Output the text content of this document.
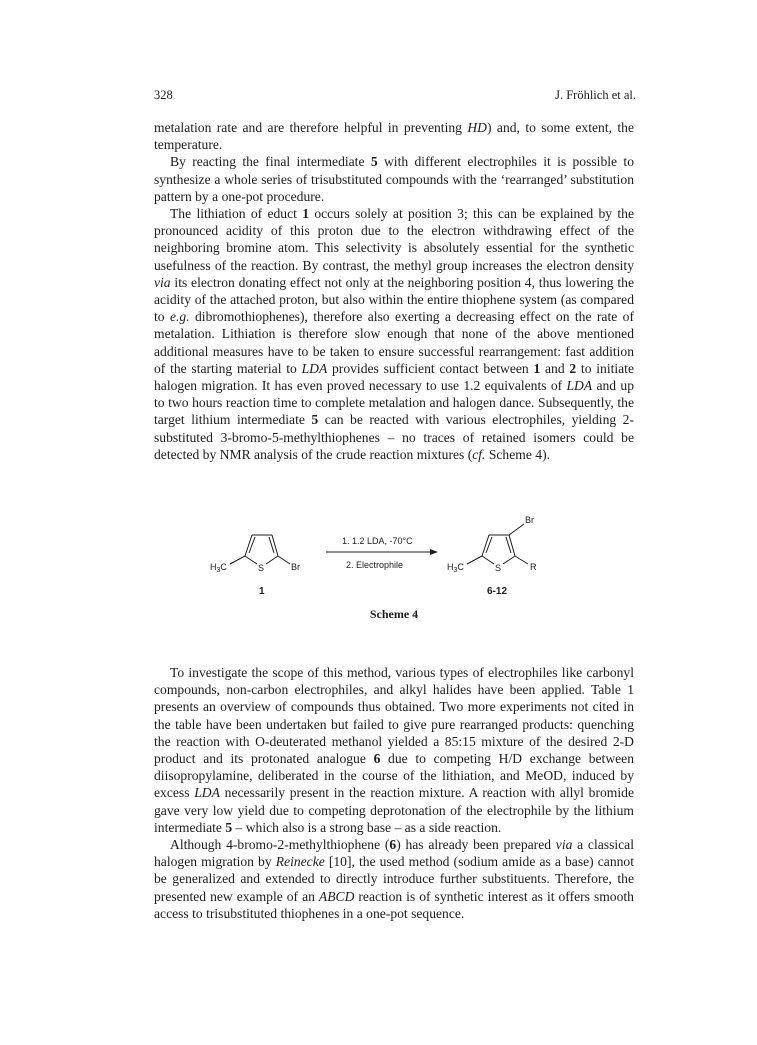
328	J. Fröhlich et al.

metalation rate and are therefore helpful in preventing HD) and, to some extent, the temperature.

By reacting the final intermediate 5 with different electrophiles it is possible to synthesize a whole series of trisubstituted compounds with the ‘rearranged’ substitution pattern by a one-pot procedure.

The lithiation of educt 1 occurs solely at position 3; this can be explained by the pronounced acidity of this proton due to the electron withdrawing effect of the neighboring bromine atom. This selectivity is absolutely essential for the synthetic usefulness of the reaction. By contrast, the methyl group increases the electron density via its electron donating effect not only at the neighboring position 4, thus lowering the acidity of the attached proton, but also within the entire thiophene system (as compared to e.g. dibromothiophenes), therefore also exerting a decreasing effect on the rate of metalation. Lithiation is therefore slow enough that none of the above mentioned additional measures have to be taken to ensure successful rearrangement: fast addition of the starting material to LDA provides sufficient contact between 1 and 2 to initiate halogen migration. It has even proved necessary to use 1.2 equivalents of LDA and up to two hours reaction time to complete metalation and halogen dance. Subsequently, the target lithium intermediate 5 can be reacted with various electrophiles, yielding 2-substituted 3-bromo-5-methylthiophenes – no traces of retained isomers could be detected by NMR analysis of the crude reaction mixtures (cf. Scheme 4).

$H_3C$	S	Br
1
1. 1.2 LDA, -70°C
2. Electrophile	$H_3C$	S
Br
R
6-12
Scheme 4

To investigate the scope of this method, various types of electrophiles like carbonyl compounds, non-carbon electrophiles, and alkyl halides have been applied. Table 1 presents an overview of compounds thus obtained. Two more experiments not cited in the table have been undertaken but failed to give pure rearranged products: quenching the reaction with O-deuterated methanol yielded a 85:15 mixture of the desired 2-D product and its protonated analogue 6 due to competing H/D exchange between diisopropylamine, deliberated in the course of the lithiation, and MeOD, induced by excess LDA necessarily present in the reaction mixture. A reaction with allyl bromide gave very low yield due to competing deprotonation of the electrophile by the lithium intermediate 5 – which also is a strong base – as a side reaction.

Although 4-bromo-2-methylthiophene (6) has already been prepared via a classical halogen migration by Reinecke [10], the used method (sodium amide as a base) cannot be generalized and extended to directly introduce further substituents. Therefore, the presented new example of an ABCD reaction is of synthetic interest as it offers smooth access to trisubstituted thiophenes in a one-pot sequence.
